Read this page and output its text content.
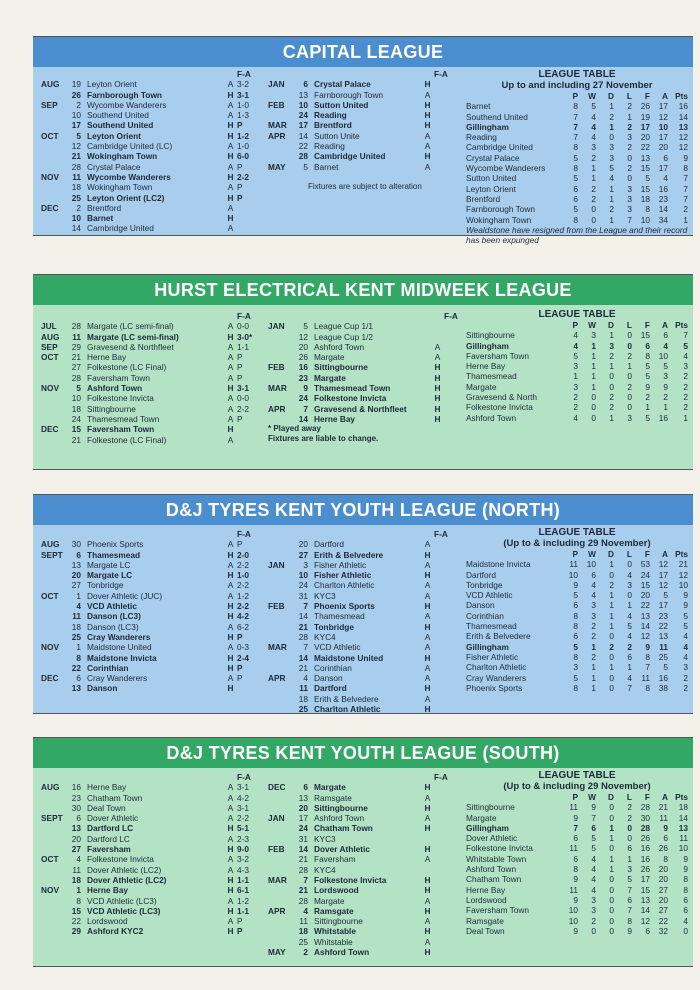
CAPITAL LEAGUE
F-A
AUG	19 Leyton Orient	A 3-2
26 Farnborough Town	H 3-1
SEP	2 Wycombe Wanderers	A 1-0
10 Southend United	A 1-3
17 Southend United	H P
OCT	5 Leyton Orient	H 1-2
12 Cambridge United (LC)	A 1-0
21 Wokingham Town	H 6-0
28 Crystal Palace	A P
NOV	11 Wycombe Wanderers	H 2-2
18 Wokingham Town	A P
25 Leyton Orient (LC2)	H P
DEC	2 Brentford	A
10 Barnet	H
14 Cambridge United	A
F-A
JAN	6 Crystal Palace	H
13 Farnborough Town	A
FEB	10 Sutton United	H
24 Reading	H
MAR	17 Brentford	H
APR	14 Sutton Unite	A
22 Reading	A
28 Cambridge United	H
MAY	5 Barnet	A
Fixtures are subject to alteration
LEAGUE TABLE
Up to and including 27 November
P	W	D	L	F	A Pts
Barnet	8	5	1	2	26	17	16
Southend United	7	4	2	1	19	12	14
Gillingham	7	4	1	2	17	10	13
Reading	7	4	0	3	20	17	12
Cambridge United	8	3	3	2	22	20	12
Crystal Palace	5	2	3	0	13	6	9
Wycombe Wanderers	8	1	5	2	15	17	8
Sutton United	5	1	4	0	5	4	7
Leyton Orient	6	2	1	3	15	16	7
Brentford	6	2	1	3	18	23	7
Farnborough Town	5	0	2	3	8	14	2
Wokingham Town	8	0	1	7	10	34	1
Wealdstone have resigned from the League and their record has been expunged
HURST ELECTRICAL KENT MIDWEEK LEAGUE
F-A
JUL	28 Margate (LC semi-final)	A 0-0
AUG	11 Margate (LC semi-final)	H 3-0*
SEP	29 Gravesend & Northfleet	A 1-1
OCT	21 Herne Bay	A P
27 Folkestone (LC Final)	A P
28 Faversham Town	A P
NOV	5 Ashford Town	H 3-1
10 Folkestone Invicta	A 0-0
18 Sittingbourne	A 2-2
24 Thamesmead Town	A P
DEC	15 Faversham Town	H
21 Folkestone (LC Final)	A
F-A
JAN	5 League Cup 1/1
12 League Cup 1/2
20 Ashford Town	A
26 Margate	A
FEB	16 Sittingbourne	H
23 Margate	H
MAR	9 Thamesmead Town	H
24 Folkestone Invicta	H
APR	7 Gravesend & Northfleet	H
14 Herne Bay	H
* Played away
Fixtures are liable to change.
LEAGUE TABLE
P	W	D	L	F	A Pts
Sittingbourne	4	3	1	0	15	6	7
Gillingham	4	1	3	0	6	4	5
Faversham Town	5	1	2	2	8	10	4
Herne Bay	3	1	1	1	5	5	3
Thamesmead	1	1	0	0	5	3	2
Margate	3	1	0	2	9	9	2
Gravesend & North	2	0	2	0	2	2	2
Folkestone Invicta	2	0	2	0	1	1	2
Ashford Town	4	0	1	3	5	16	1
D&J TYRES KENT YOUTH LEAGUE (NORTH)
F-A
AUG	30 Phoenix Sports	A P
SEPT	6 Thamesmead	H 2-0
13 Margate LC	A 2-2
20 Margate LC	H 1-0
27 Tonbridge	A 2-2
OCT	1 Dover Athletic (JUC)	A 1-2
4 VCD Athletic	H 2-2
11 Danson (LC3)	H 4-2
18 Danson (LC3)	A 6-2
25 Cray Wanderers	H P
NOV	1 Maidstone United	A 0-3
8 Maidstone Invicta	H 2-4
22 Corinthian	H P
DEC	6 Cray Wanderers	A P
13 Danson	H
F-A
20 Dartford	A
27 Erith & Belvedere	H
JAN	3 Fisher Athletic	A
10 Fisher Athletic	H
24 Charlton Athletic	A
31 KYC3	A
FEB	7 Phoenix Sports	H
14 Thamesmead	A
21 Tonbridge	H
28 KYC4	A
MAR	7 VCD Athletic	A
14 Maidstone United	H
21 Corinthian	A
APR	4 Danson	A
11 Dartford	H
18 Erith & Belvedere	A
25 Charlton Athletic	H
LEAGUE TABLE
(Up to & including 29 November)
P	W	D	L	F	A Pts
Maidstone Invicta	11	10	1	0	53	12	21
Dartford	10	6	0	4	24	17	12
Tonbridge	9	4	2	3	15	12	10
VCD Athletic	5	4	1	0	20	5	9
Danson	6	3	1	1	22	17	9
Corinthian	8	3	1	4	13	23	5
Thamesmead	8	2	1	5	14	22	5
Erith & Belvedere	6	2	0	4	12	13	4
Gillingham	5	1	2	2	9	11	4
Fisher Athletic	8	2	0	6	8	25	4
Charlton Athletic	3	1	1	1	7	5	3
Cray Wanderers	5	1	0	4	11	16	2
Phoenix Sports	8	1	0	7	8	38	2
D&J TYRES KENT YOUTH LEAGUE (SOUTH)
F-A
AUG	16 Herne Bay	A 3-1
23 Chatham Town	A 4-2
30 Deal Town	A 3-1
SEPT	6 Dover Athletic	A 2-2
13 Dartford LC	H 5-1
20 Dartford LC	A 2-3
27 Faversham	H 9-0
OCT	4 Folkestone Invicta	A 3-2
11 Dover Athletic (LC2)	A 4-3
18 Dover Athletic (LC2)	H 1-1
NOV	1 Herne Bay	H 6-1
8 VCD Athletic (LC3)	A 1-2
15 VCD Athletic (LC3)	H 1-1
22 Lordswood	A P
29 Ashford KYC2	H P
F-A
DEC	6 Margate	H
13 Ramsgate	A
20 Sittingbourne	H
JAN	17 Ashford Town	A
24 Chatham Town	H
31 KYC3
FEB	14 Dover Athletic	H
21 Faversham	A
28 KYC4
MAR	7 Folkestone Invicta	H
21 Lordswood	H
28 Margate	A
APR	4 Ramsgate	H
11 Sittingbourne	A
18 Whitstable	H
25 Whitstable	A
MAY	2 Ashford Town	H
LEAGUE TABLE
(Up to & including 29 November)
P	W	D	L	F	A Pts
Sittingbourne	11	9	0	2	28	21	18
Margate	9	7	0	2	30	11	14
Gillingham	7	6	1	0	28	9	13
Dover Athletic	6	5	1	0	26	6	11
Folkestone Invicta	11	5	0	6	16	26	10
Whitstable Town	6	4	1	1	16	8	9
Ashford Town	8	4	1	3	26	20	9
Chatham Town	9	4	0	5	17	20	8
Herne Bay	11	4	0	7	15	27	8
Lordswood	9	3	0	6	13	20	6
Faversham Town	10	3	0	7	14	27	6
Ramsgate	10	2	0	8	12	22	4
Deal Town	9	0	0	9	6	32	0
